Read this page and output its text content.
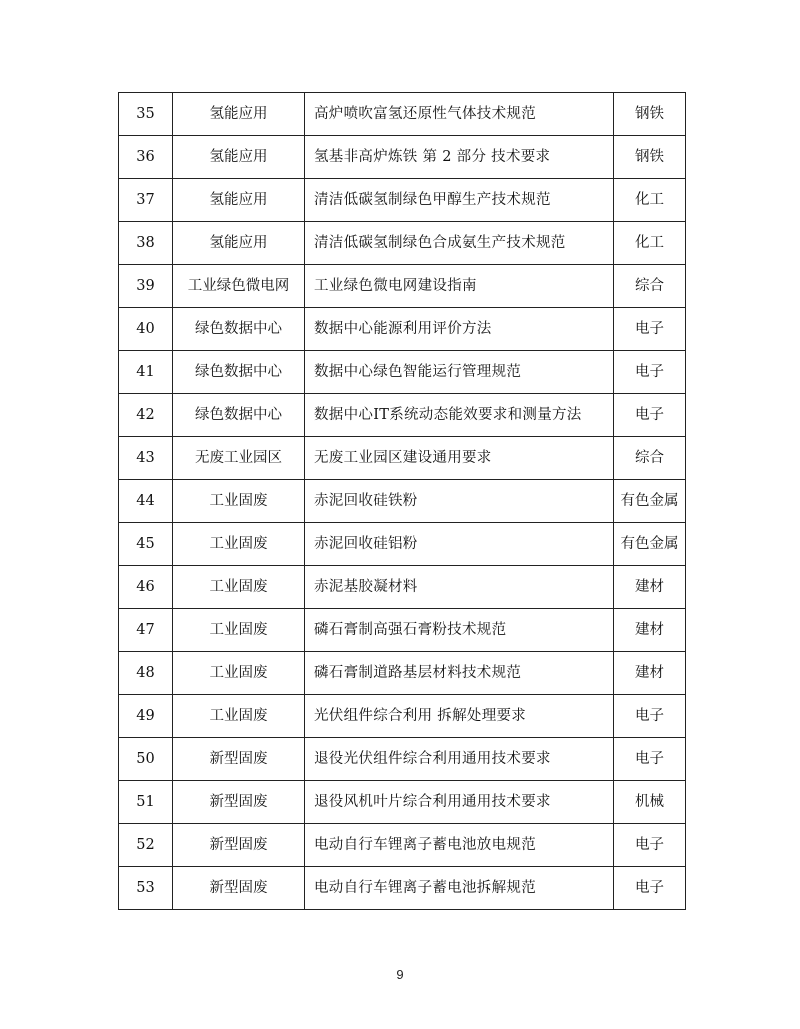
35	氢能应用	高炉喷吹富氢还原性气体技术规范	钢铁
36	氢能应用	氢基非高炉炼铁 第 2 部分 技术要求	钢铁
37	氢能应用	清洁低碳氢制绿色甲醇生产技术规范	化工
38	氢能应用	清洁低碳氢制绿色合成氨生产技术规范	化工
39	工业绿色微电网	工业绿色微电网建设指南	综合
40	绿色数据中心	数据中心能源利用评价方法	电子
41	绿色数据中心	数据中心绿色智能运行管理规范	电子
42	绿色数据中心	数据中心IT系统动态能效要求和测量方法	电子
43	无废工业园区	无废工业园区建设通用要求	综合
44	工业固废	赤泥回收硅铁粉	有色金属
45	工业固废	赤泥回收硅铝粉	有色金属
46	工业固废	赤泥基胶凝材料	建材
47	工业固废	磷石膏制高强石膏粉技术规范	建材
48	工业固废	磷石膏制道路基层材料技术规范	建材
49	工业固废	光伏组件综合利用 拆解处理要求	电子
50	新型固废	退役光伏组件综合利用通用技术要求	电子
51	新型固废	退役风机叶片综合利用通用技术要求	机械
52	新型固废	电动自行车锂离子蓄电池放电规范	电子
53	新型固废	电动自行车锂离子蓄电池拆解规范	电子
9
